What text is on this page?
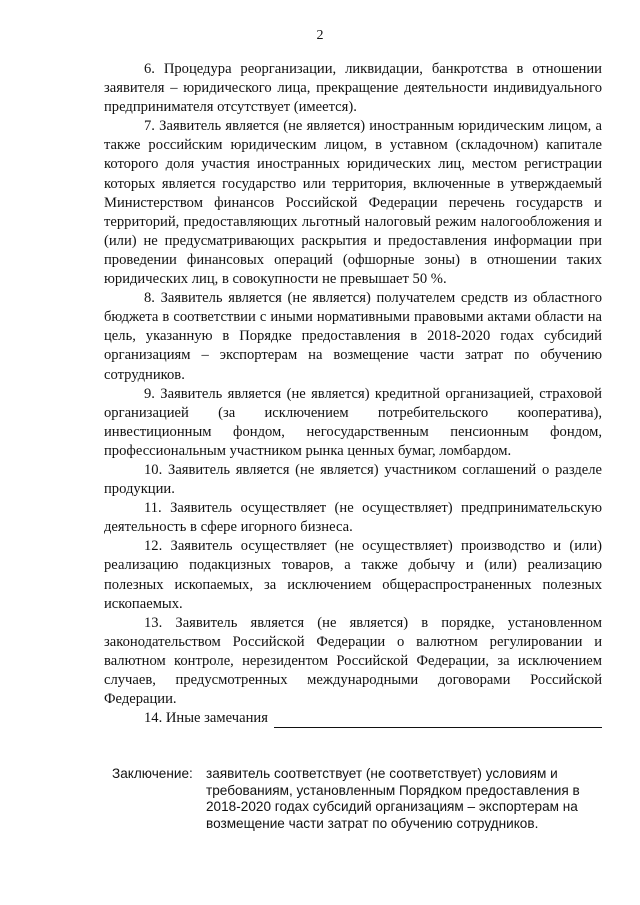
2

6. Процедура реорганизации, ликвидации, банкротства в отношении заявителя – юридического лица, прекращение деятельности индивидуального предпринимателя отсутствует (имеется).

7. Заявитель является (не является) иностранным юридическим лицом, а также российским юридическим лицом, в уставном (складочном) капитале которого доля участия иностранных юридических лиц, местом регистрации которых является государство или территория, включенные в утверждаемый Министерством финансов Российской Федерации перечень государств и территорий, предоставляющих льготный налоговый режим налогообложения и (или) не предусматривающих раскрытия и предоставления информации при проведении финансовых операций (офшорные зоны) в отношении таких юридических лиц, в совокупности не превышает 50 %.

8. Заявитель является (не является) получателем средств из областного бюджета в соответствии с иными нормативными правовыми актами области на цель, указанную в Порядке предоставления в 2018-2020 годах субсидий организациям – экспортерам на возмещение части затрат по обучению сотрудников.

9. Заявитель является (не является) кредитной организацией, страховой организацией (за исключением потребительского кооператива), инвестиционным фондом, негосударственным пенсионным фондом, профессиональным участником рынка ценных бумаг, ломбардом.

10. Заявитель является (не является) участником соглашений о разделе продукции.

11. Заявитель осуществляет (не осуществляет) предпринимательскую деятельность в сфере игорного бизнеса.

12. Заявитель осуществляет (не осуществляет) производство и (или) реализацию подакцизных товаров, а также добычу и (или) реализацию полезных ископаемых, за исключением общераспространенных полезных ископаемых.

13. Заявитель является (не является) в порядке, установленном законодательством Российской Федерации о валютном регулировании и валютном контроле, нерезидентом Российской Федерации, за исключением случаев, предусмотренных международными договорами Российской Федерации.

14. Иные замечания

Заключение: заявитель соответствует (не соответствует) условиям и требованиям, установленным Порядком предоставления в 2018-2020 годах субсидий организациям – экспортерам на возмещение части затрат по обучению сотрудников.
